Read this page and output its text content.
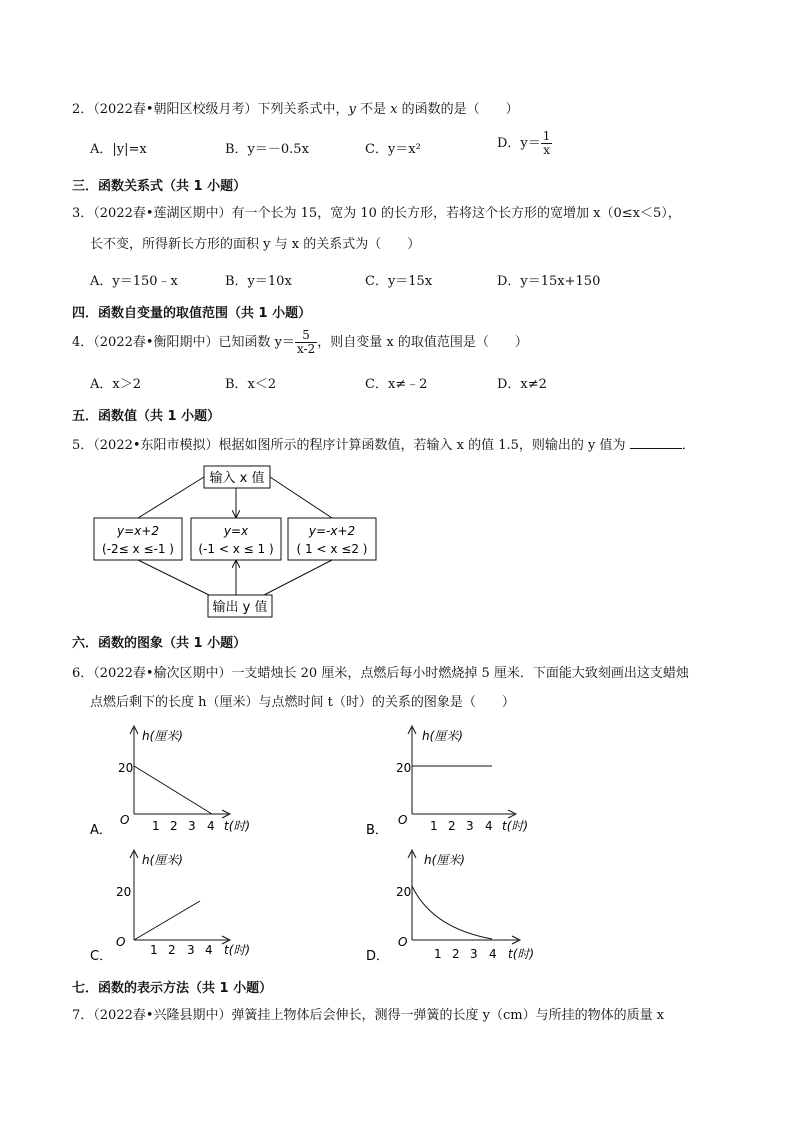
2．（2022春•朝阳区校级月考）下列关系式中，y 不是 x 的函数的是（　　）
A．|y|=x	B．y＝－0.5x	C．y＝x²	D．$y= \frac{1}{x}$
三．函数关系式（共 1 小题）
3．（2022春•莲湖区期中）有一个长为 15，宽为 10 的长方形，若将这个长方形的宽增加 x（0≤x＜5），
长不变，所得新长方形的面积 y 与 x 的关系式为（　　）
A．y＝150﹣x	B．y＝10x	C．y＝15x	D．y＝15x+150
四．函数自变量的取值范围（共 1 小题）
4．（2022春•衡阳期中）已知函数 $y= \frac{5}{x-2}$ ，则自变量 x 的取值范围是（　　）
A．x＞2	B．x＜2	C．x≠﹣2	D．x≠2
五．函数值（共 1 小题）
5．（2022•东阳市模拟）根据如图所示的程序计算函数值，若输入 x 的值 1.5，则输出的 y 值为	．
输入 x 值
y=x+2
(-2≤ x ≤-1 )
y=x
(-1 < x ≤ 1 )
y=-x+2
( 1 < x ≤2 )
输出 y 值
六．函数的图象（共 1 小题）
6．（2022春•榆次区期中）一支蜡烛长 20 厘米，点燃后每小时燃烧掉 5 厘米．下面能大致刻画出这支蜡烛
点燃后剩下的长度 h（厘米）与点燃时间 t（时）的关系的图象是（　　）
h(厘米)
20
O 1 2 3 4 t(时)
A．
h(厘米)
20
O 1 2 3 4 t(时)
B．
h(厘米)
20
O
1 2 3 4 t(时)
C．
h(厘米)
20
O
1 2 3 4 t(时)
D．
七．函数的表示方法（共 1 小题）
7．（2022春•兴隆县期中）弹簧挂上物体后会伸长，测得一弹簧的长度 y（cm）与所挂的物体的质量 x
